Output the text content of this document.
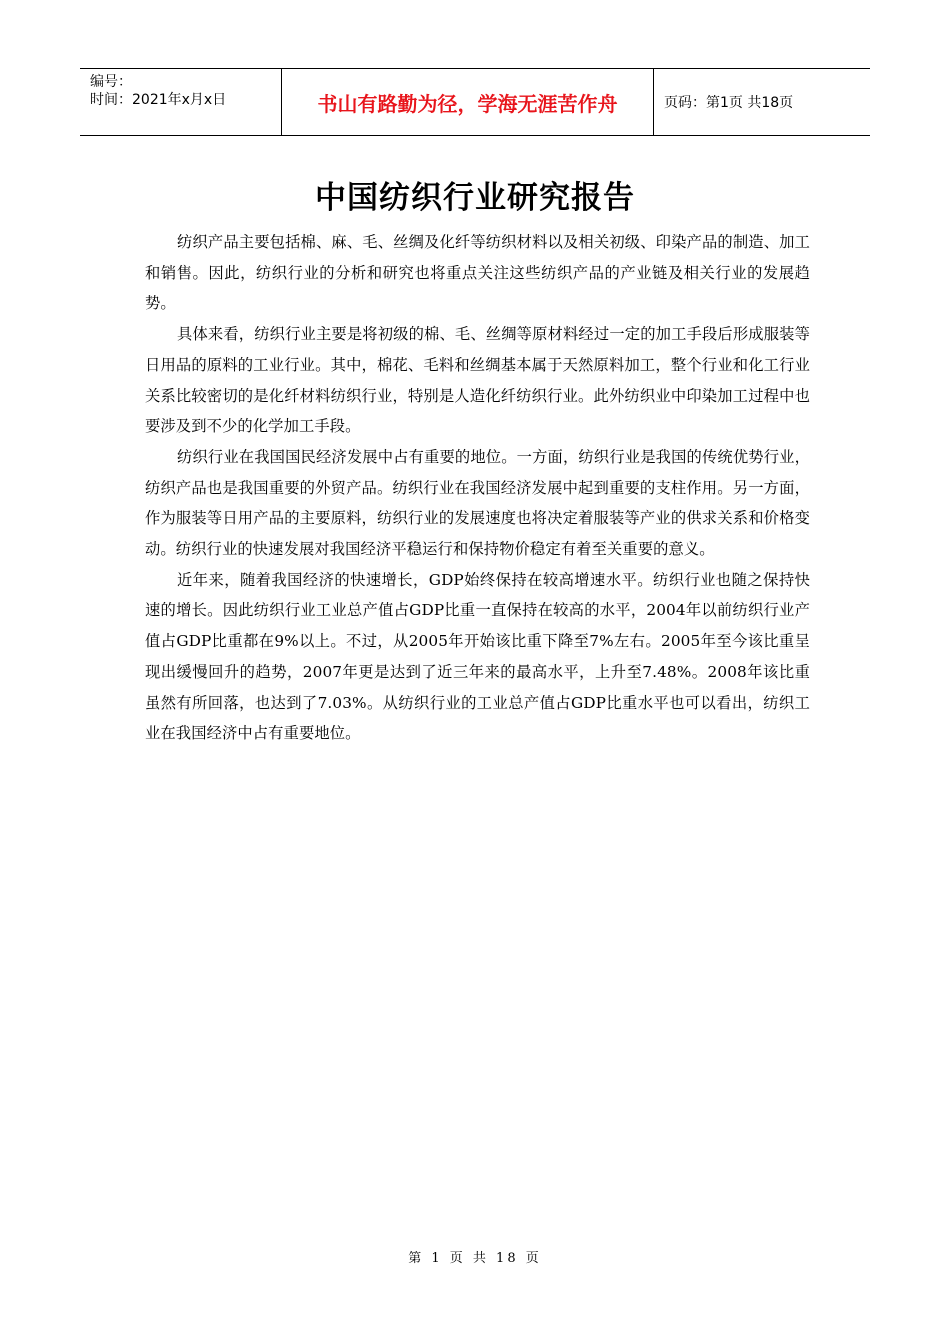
编号：
时间：2021年x月x日	书山有路勤为径，学海无涯苦作舟	页码：第1页 共18页
中国纺织行业研究报告

纺织产品主要包括棉、麻、毛、丝绸及化纤等纺织材料以及相关初级、印染产品的制造、加工和销售。因此，纺织行业的分析和研究也将重点关注这些纺织产品的产业链及相关行业的发展趋势。

具体来看，纺织行业主要是将初级的棉、毛、丝绸等原材料经过一定的加工手段后形成服装等日用品的原料的工业行业。其中，棉花、毛料和丝绸基本属于天然原料加工，整个行业和化工行业关系比较密切的是化纤材料纺织行业，特别是人造化纤纺织行业。此外纺织业中印染加工过程中也要涉及到不少的化学加工手段。

纺织行业在我国国民经济发展中占有重要的地位。一方面，纺织行业是我国的传统优势行业，纺织产品也是我国重要的外贸产品。纺织行业在我国经济发展中起到重要的支柱作用。另一方面，作为服装等日用产品的主要原料，纺织行业的发展速度也将决定着服装等产业的供求关系和价格变动。纺织行业的快速发展对我国经济平稳运行和保持物价稳定有着至关重要的意义。

近年来，随着我国经济的快速增长，GDP始终保持在较高增速水平。纺织行业也随之保持快速的增长。因此纺织行业工业总产值占GDP比重一直保持在较高的水平，2004年以前纺织行业产值占GDP比重都在9%以上。不过，从2005年开始该比重下降至7%左右。2005年至今该比重呈现出缓慢回升的趋势，2007年更是达到了近三年来的最高水平，上升至7.48%。2008年该比重虽然有所回落，也达到了7.03%。从纺织行业的工业总产值占GDP比重水平也可以看出，纺织工业在我国经济中占有重要地位。

第 1 页 共 18 页
